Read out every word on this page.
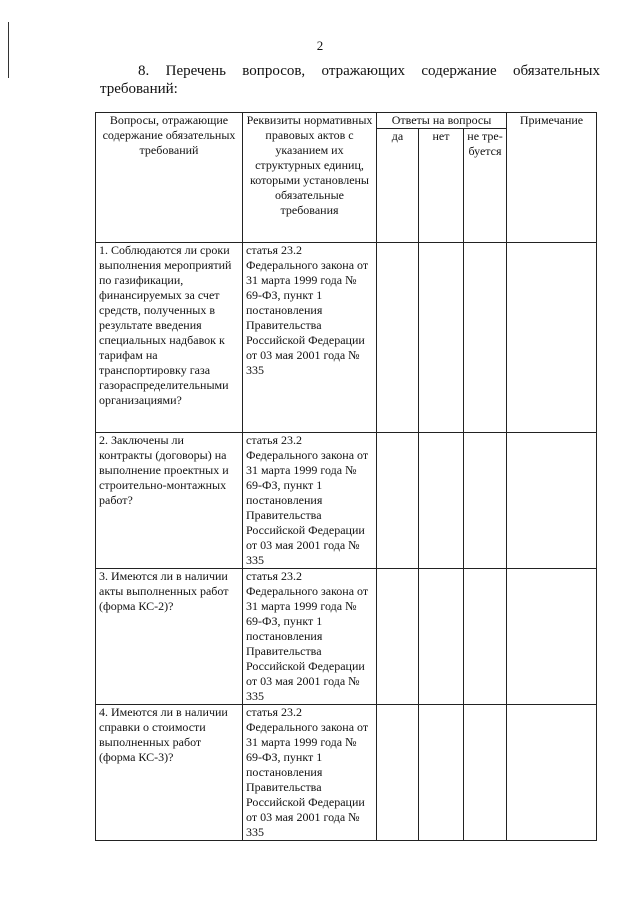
2
8. Перечень вопросов, отражающих содержание обязательных
требований:
Вопросы, отражающие содержание обязательных требований	Реквизиты нормативных правовых актов с указанием их структурных единиц, которыми установлены обязательные требования	Ответы на вопросы			Примечание
		да	нет	не тре- буется	
1. Соблюдаются ли сроки выполнения мероприятий по газификации, финансируемых за счет средств, полученных в результате введения специальных надбавок к тарифам на транспортировку газа газораспределительными организациями?	статья 23.2 Федерального закона от 31 марта 1999 года № 69-ФЗ, пункт 1 постановления Правительства Российской Федерации от 03 мая 2001 года № 335				
2. Заключены ли контракты (договоры) на выполнение проектных и строительно-монтажных работ?	статья 23.2 Федерального закона от 31 марта 1999 года № 69-ФЗ, пункт 1 постановления Правительства Российской Федерации от 03 мая 2001 года № 335				
3. Имеются ли в наличии акты выполненных работ (форма КС-2)?	статья 23.2 Федерального закона от 31 марта 1999 года № 69-ФЗ, пункт 1 постановления Правительства Российской Федерации от 03 мая 2001 года № 335				
4. Имеются ли в наличии справки о стоимости выполненных работ (форма КС-3)?	статья 23.2 Федерального закона от 31 марта 1999 года № 69-ФЗ, пункт 1 постановления Правительства Российской Федерации от 03 мая 2001 года № 335				
